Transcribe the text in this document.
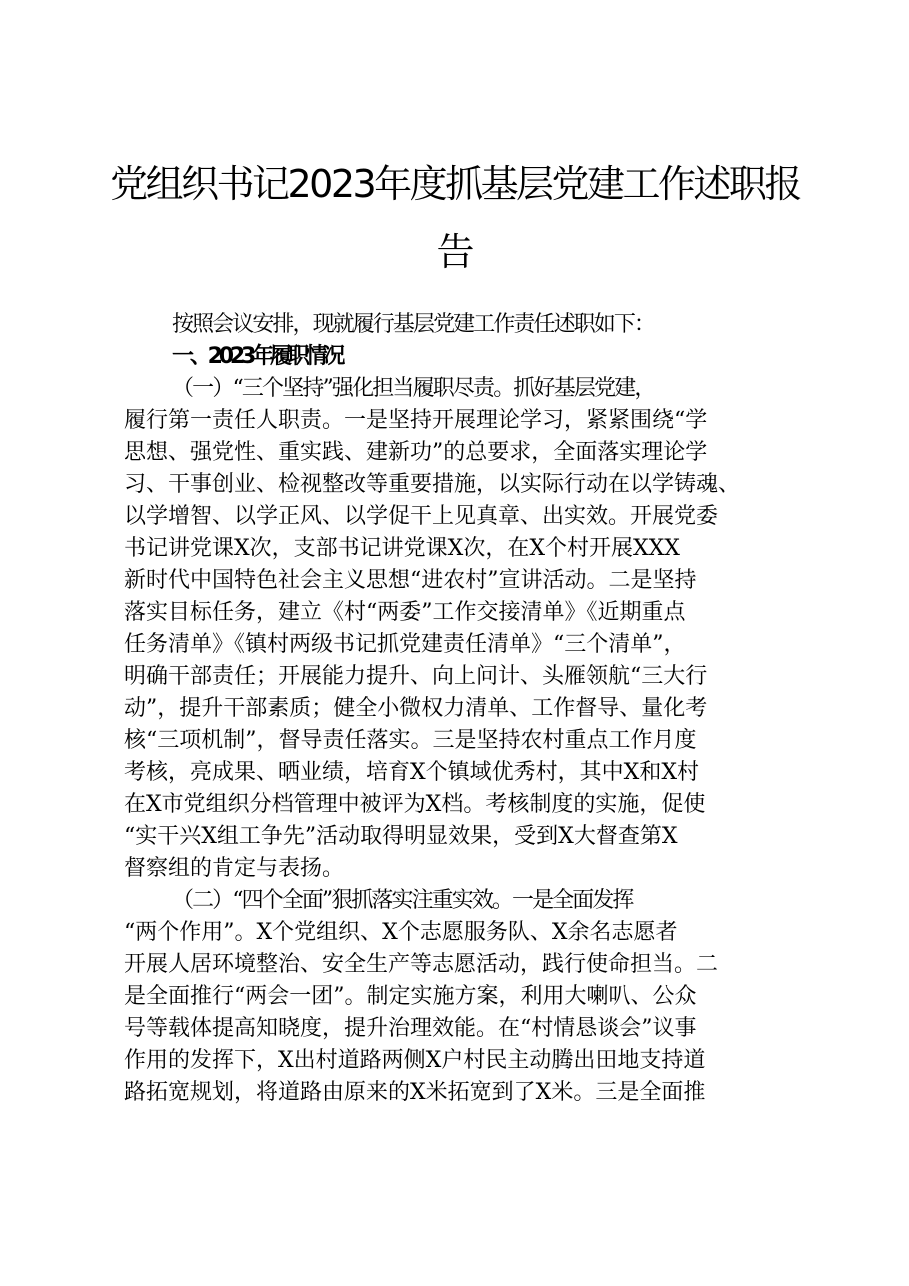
党组织书记2023年度抓基层党建工作述职报
告

按照会议安排，现就履行基层党建工作责任述职如下：

一、2023年履职情况

（一）“三个坚持”强化担当履职尽责。抓好基层党建，

履行第一责任人职责。一是坚持开展理论学习，紧紧围绕“学

思想、强党性、重实践、建新功”的总要求，全面落实理论学

习、干事创业、检视整改等重要措施，以实际行动在以学铸魂、

以学增智、以学正风、以学促干上见真章、出实效。开展党委

书记讲党课X次，支部书记讲党课X次，在X个村开展XXX

新时代中国特色社会主义思想“进农村”宣讲活动。二是坚持

落实目标任务，建立《村“两委”工作交接清单》《近期重点

任务清单》《镇村两级书记抓党建责任清单》“三个清单”，

明确干部责任；开展能力提升、向上问计、头雁领航“三大行

动”，提升干部素质；健全小微权力清单、工作督导、量化考

核“三项机制”，督导责任落实。三是坚持农村重点工作月度

考核，亮成果、晒业绩，培育X个镇域优秀村，其中X和X村

在X市党组织分档管理中被评为X档。考核制度的实施，促使

“实干兴X组工争先”活动取得明显效果，受到X大督查第X

督察组的肯定与表扬。

（二）“四个全面”狠抓落实注重实效。一是全面发挥

“两个作用”。X个党组织、X个志愿服务队、X余名志愿者

开展人居环境整治、安全生产等志愿活动，践行使命担当。二

是全面推行“两会一团”。制定实施方案，利用大喇叭、公众

号等载体提高知晓度，提升治理效能。在“村情恳谈会”议事

作用的发挥下，X出村道路两侧X户村民主动腾出田地支持道

路拓宽规划，将道路由原来的X米拓宽到了X米。三是全面推
